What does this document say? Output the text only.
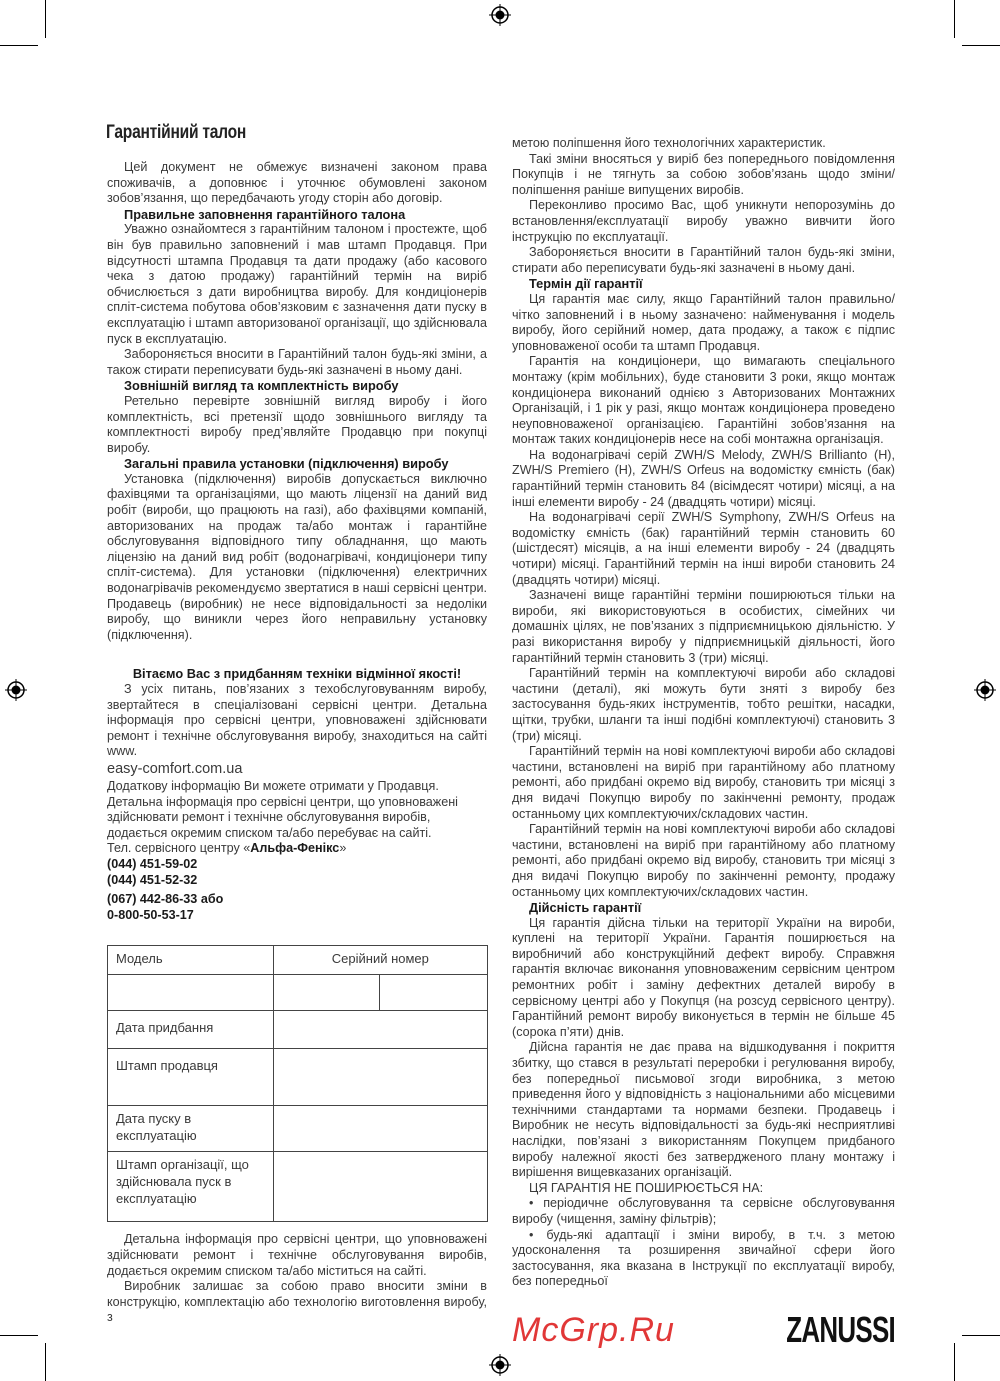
Гарантійний талон

Цей документ не обмежує визначені законом права споживачів, а доповнює і уточнює обумовлені законом зобов’язання, що передбачають угоду сторін або договір.

Правильне заповнення гарантійного талона

Уважно ознайомтеся з гарантійним талоном і простежте, щоб він був правильно заповнений і мав штамп Продавця. При відсутності штампа Продавця та дати продажу (або касового чека з датою продажу) гарантійний термін на виріб обчислюється з дати виробництва виробу. Для кондиціонерів спліт-система побутова обов’язковим є зазначення дати пуску в експлуатацію і штамп авторизованої організації, що здійснювала пуск в експлуатацію.

Забороняється вносити в Гарантійний талон будь-які зміни, а також стирати переписувати будь-які зазначені в ньому дані.

Зовнішній вигляд та комплектність виробу

Ретельно перевірте зовнішній вигляд виробу і його комплектність, всі претензії щодо зовнішнього вигляду та комплектності виробу пред’являйте Продавцю при покупці виробу.

Загальні правила установки (підключення) виробу

Установка (підключення) виробів допускається виключно фахівцями та організаціями, що мають ліцензії на даний вид робіт (вироби, що працюють на газі), або фахівцями компаній, авторизованих на продаж та/або монтаж і гарантійне обслуговування відповідного типу обладнання, що мають ліцензію на даний вид робіт (водонагрівачі, кондиціонери типу спліт-система). Для установки (підключення) електричних водонагрівачів рекомендуємо звертатися в наші сервісні центри. Продавець (виробник) не несе відповідальності за недоліки виробу, що виникли через його неправильну установку (підключення).

Вітаємо Вас з придбанням техніки відмінної якості!

З усіх питань, пов’язаних з техобслуговуванням виробу, звертайтеся в спеціалізовані сервісні центри. Детальна інформація про сервісні центри, уповноважені здійснювати ремонт і технічне обслуговування виробу, знаходиться на сайті www.

easy-comfort.com.ua

Додаткову інформацію Ви можете отримати у Продавця.

Детальна інформація про сервісні центри, що уповноважені здійснювати ремонт і технічне обслуговування виробів, додається окремим списком та/або перебуває на сайті.

Тел. сервісного центру «Альфа-Фенікс»

(044) 451-59-02

(044) 451-52-32

(067) 442-86-33 або

0-800-50-53-17

Модель	Серійний номер	

Дата придбання		
Штамп продавця		
Дата пуску в експлуатацію		
Штамп організації, що здійснювала пуск в експлуатацію		

Детальна інформація про сервісні центри, що уповноважені здійснювати ремонт і технічне обслуговування виробів, додається окремим списком та/або міститься на сайті.

Виробник залишає за собою право вносити зміни в конструкцію, комплектацію або технологію виготовлення виробу, з

метою поліпшення його технологічних характеристик.

Такі зміни вносяться у виріб без попереднього повідомлення Покупців і не тягнуть за собою зобов’язань щодо зміни/поліпшення раніше випущених виробів.

Переконливо просимо Вас, щоб уникнути непорозумінь до встановлення/експлуатації виробу уважно вивчити його інструкцію по експлуатації.

Забороняється вносити в Гарантійний талон будь-які зміни, стирати або переписувати будь-які зазначені в ньому дані.

Термін дії гарантії

Ця гарантія має силу, якщо Гарантійний талон правильно/чітко заповнений і в ньому зазначено: найменування і модель виробу, його серійний номер, дата продажу, а також є підпис уповноваженої особи та штамп Продавця.

Гарантія на кондиціонери, що вимагають спеціального монтажу (крім мобільних), буде становити 3 роки, якщо монтаж кондиціонера виконаний однією з Авторизованих Монтажних Організацій, і 1 рік у разі, якщо монтаж кондиціонера проведено неуповноваженої організацією. Гарантійні зобов’язання на монтаж таких кондиціонерів несе на собі монтажна організація.

На водонагрівачі серій ZWH/S Melody, ZWH/S Brillianto (H), ZWH/S Premiero (H), ZWH/S Orfeus на водомістку ємність (бак) гарантійний термін становить 84 (вісімдесят чотири) місяці, а на інші елементи виробу - 24 (двадцять чотири) місяці.

На водонагрівачі серії ZWH/S Symphony, ZWH/S Orfeus на водомістку ємність (бак) гарантійний термін становить 60 (шістдесят) місяців, а на інші елементи виробу - 24 (двадцять чотири) місяці. Гарантійний термін на інші вироби становить 24 (двадцять чотири) місяці.

Зазначені вище гарантійні терміни поширюються тільки на вироби, які використовуються в особистих, сімейних чи домашніх цілях, не пов’язаних з підприємницькою діяльністю. У разі використання виробу у підприємницькій діяльності, його гарантійний термін становить 3 (три) місяці.

Гарантійний термін на комплектуючі вироби або складові частини (деталі), які можуть бути зняті з виробу без застосування будь-яких інструментів, тобто решітки, насадки, щітки, трубки, шланги та інші подібні комплектуючі) становить 3 (три) місяці.

Гарантійний термін на нові комплектуючі вироби або складові частини, встановлені на виріб при гарантійному або платному ремонті, або придбані окремо від виробу, становить три місяці з дня видачі Покупцю виробу по закінченні ремонту, продаж останньому цих комплектуючих/складових частин.

Гарантійний термін на нові комплектуючі вироби або складові частини, встановлені на виріб при гарантійному або платному ремонті, або придбані окремо від виробу, становить три місяці з дня видачі Покупцю виробу по закінченні ремонту, продажу останньому цих комплектуючих/складових частин.

Дійсність гарантії

Ця гарантія дійсна тільки на території України на вироби, куплені на території України. Гарантія поширюється на виробничий або конструкційний дефект виробу. Справжня гарантія включає виконання уповноваженим сервісним центром ремонтних робіт і заміну дефектних деталей виробу в сервісному центрі або у Покупця (на розсуд сервісного центру). Гарантійний ремонт виробу виконується в термін не більше 45 (сорока п’яти) днів.

Дійсна гарантія не дає права на відшкодування і покриття збитку, що стався в результаті переробки і регулювання виробу, без попередньої письмової згоди виробника, з метою приведення його у відповідність з національними або місцевими технічними стандартами та нормами безпеки. Продавець і Виробник не несуть відповідальності за будь-які несприятливі наслідки, пов’язані з використанням Покупцем придбаного виробу належної якості без затвердженого плану монтажу і вирішення вищевказаних організацій.

ЦЯ ГАРАНТІЯ НЕ ПОШИРЮЄТЬСЯ НА:

• періодичне обслуговування та сервісне обслуговування виробу (чищення, заміну фільтрів);

• будь-які адаптації і зміни виробу, в т.ч. з метою удосконалення та розширення звичайної сфери його застосування, яка вказана в Інструкції по експлуатації виробу, без попередньої

McGrp.Ru	ZANUSSI
